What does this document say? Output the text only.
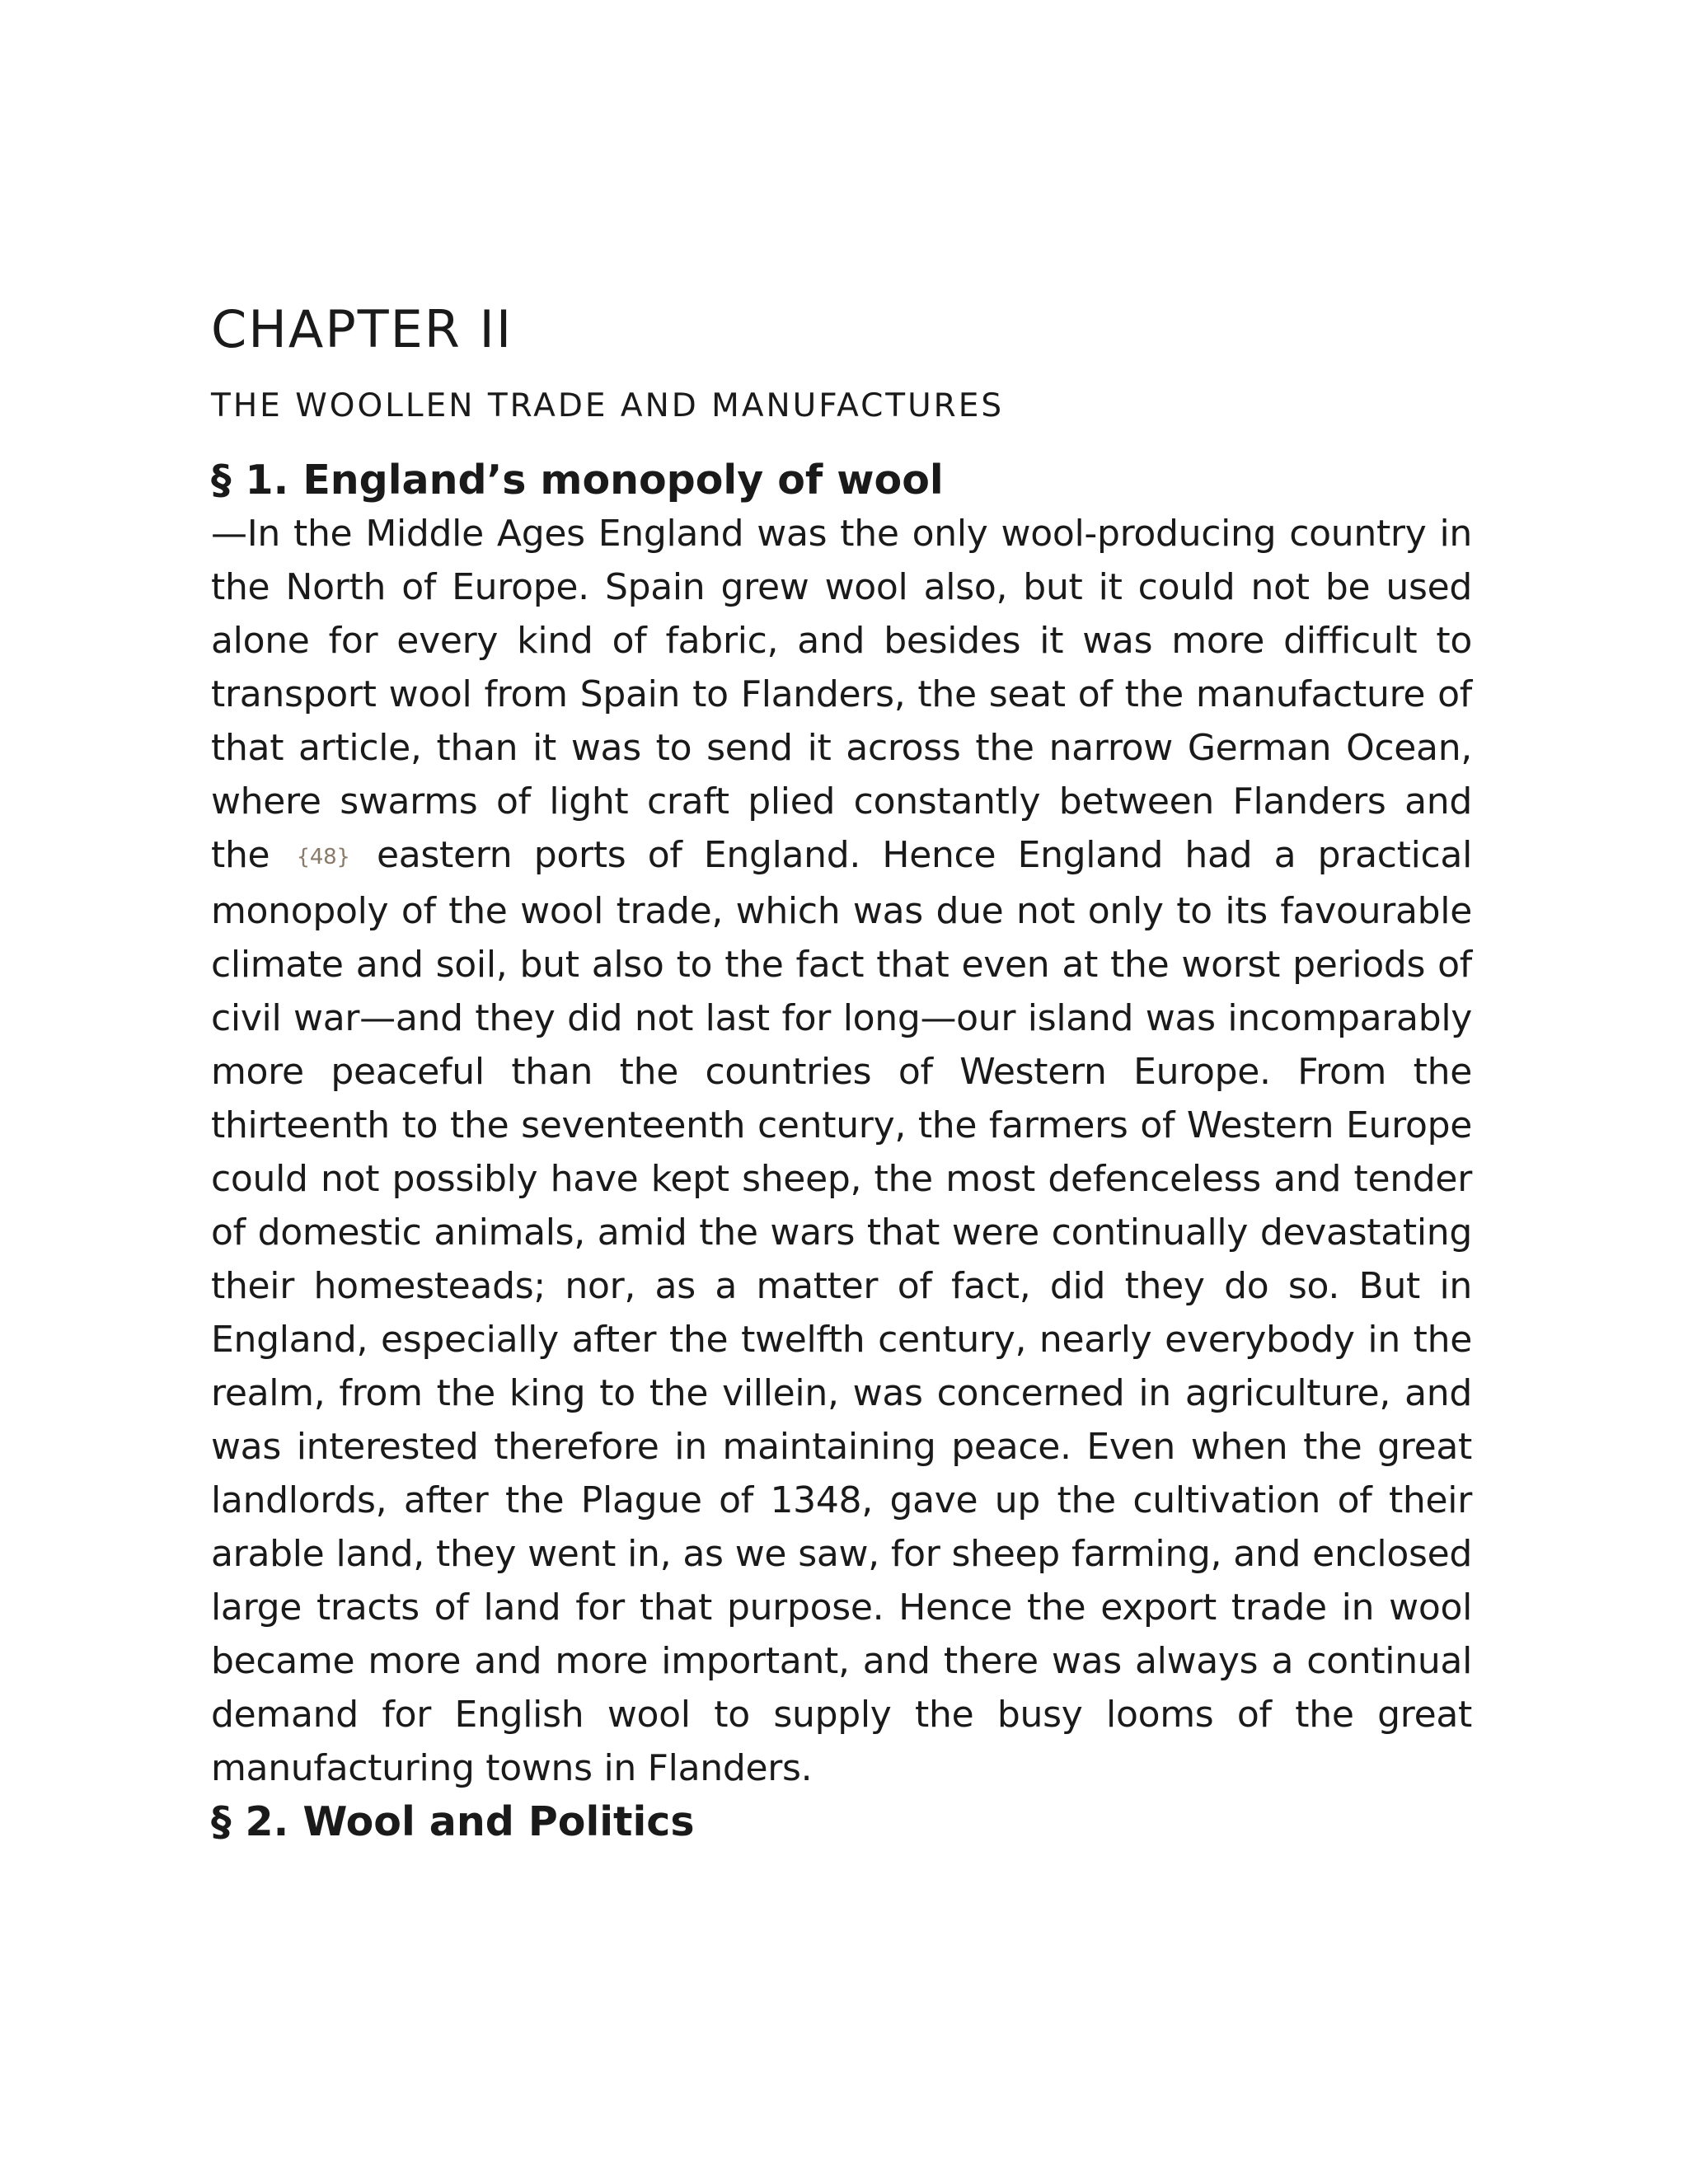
CHAPTER II
THE WOOLLEN TRADE AND MANUFACTURES
§ 1. England’s monopoly of wool

—In the Middle Ages England was the only wool-producing country in the North of Europe. Spain grew wool also, but it could not be used alone for every kind of fabric, and besides it was more difficult to transport wool from Spain to Flanders, the seat of the manufacture of that article, than it was to send it across the narrow German Ocean, where swarms of light craft plied constantly between Flanders and the {48} eastern ports of England. Hence England had a practical monopoly of the wool trade, which was due not only to its favourable climate and soil, but also to the fact that even at the worst periods of civil war—and they did not last for long—our island was incomparably more peaceful than the countries of Western Europe. From the thirteenth to the seventeenth century, the farmers of Western Europe could not possibly have kept sheep, the most defenceless and tender of domestic animals, amid the wars that were continually devastating their homesteads; nor, as a matter of fact, did they do so. But in England, especially after the twelfth century, nearly everybody in the realm, from the king to the villein, was concerned in agriculture, and was interested therefore in maintaining peace. Even when the great landlords, after the Plague of 1348, gave up the cultivation of their arable land, they went in, as we saw, for sheep farming, and enclosed large tracts of land for that purpose. Hence the export trade in wool became more and more important, and there was always a continual demand for English wool to supply the busy looms of the great manufacturing towns in Flanders.

§ 2. Wool and Politics
